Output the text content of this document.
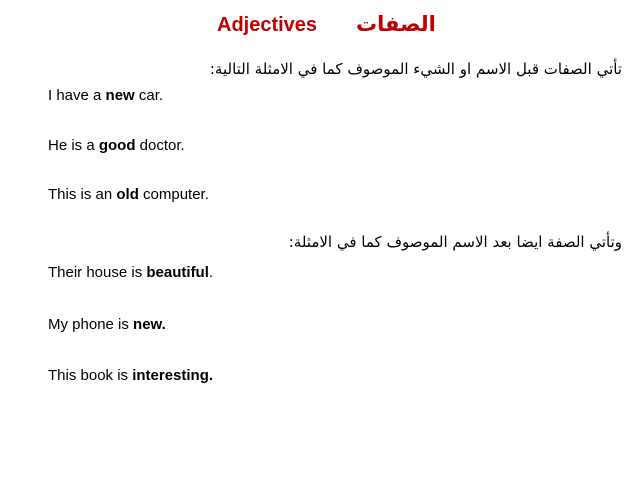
Adjectives الصفات
تأتي الصفات قبل الاسم او الشيء الموصوف كما في الامثلة التالية:
I have a new car.
He is a good doctor.
This is an old computer.
وتأتي الصفة ايضا بعد الاسم الموصوف كما في الامثلة:
Their house is beautiful.
My phone is new.
This book is interesting.
